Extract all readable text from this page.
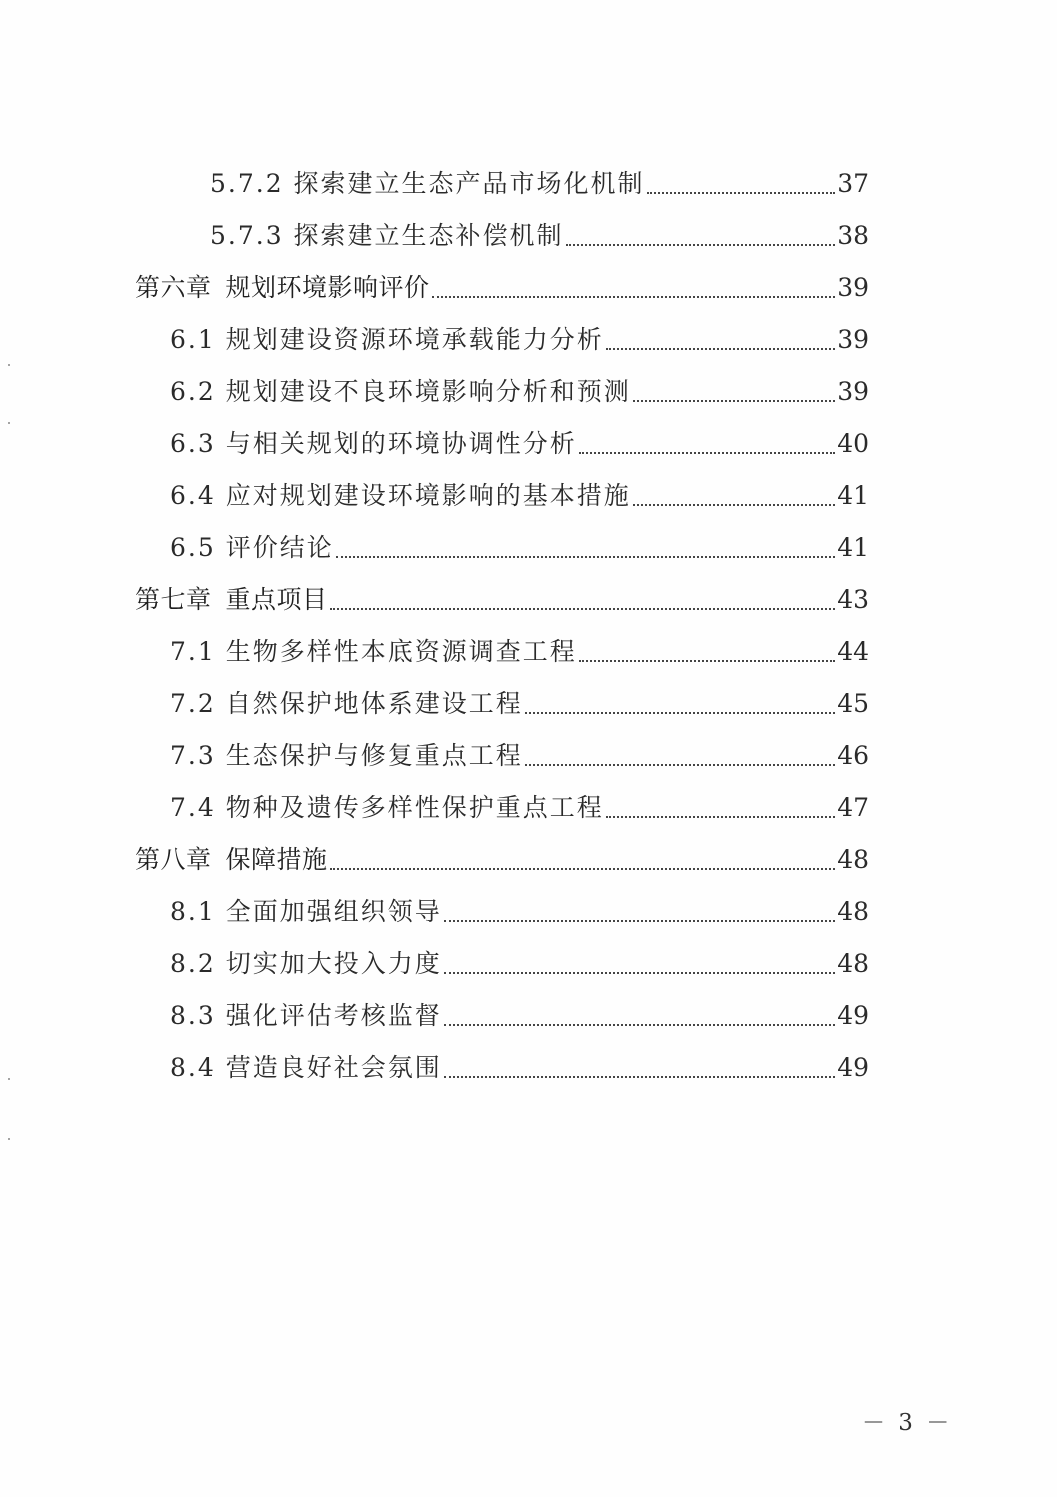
5.7.2 探索建立生态产品市场化机制	37
5.7.3 探索建立生态补偿机制	38
第六章 规划环境影响评价	39
6.1 规划建设资源环境承载能力分析	39
6.2 规划建设不良环境影响分析和预测	39
6.3 与相关规划的环境协调性分析	40
6.4 应对规划建设环境影响的基本措施	41
6.5 评价结论	41
第七章 重点项目	43
7.1 生物多样性本底资源调查工程	44
7.2 自然保护地体系建设工程	45
7.3 生态保护与修复重点工程	46
7.4 物种及遗传多样性保护重点工程	47
第八章 保障措施	48
8.1 全面加强组织领导	48
8.2 切实加大投入力度	48
8.3 强化评估考核监督	49
8.4 营造良好社会氛围	49
－ 3 －
